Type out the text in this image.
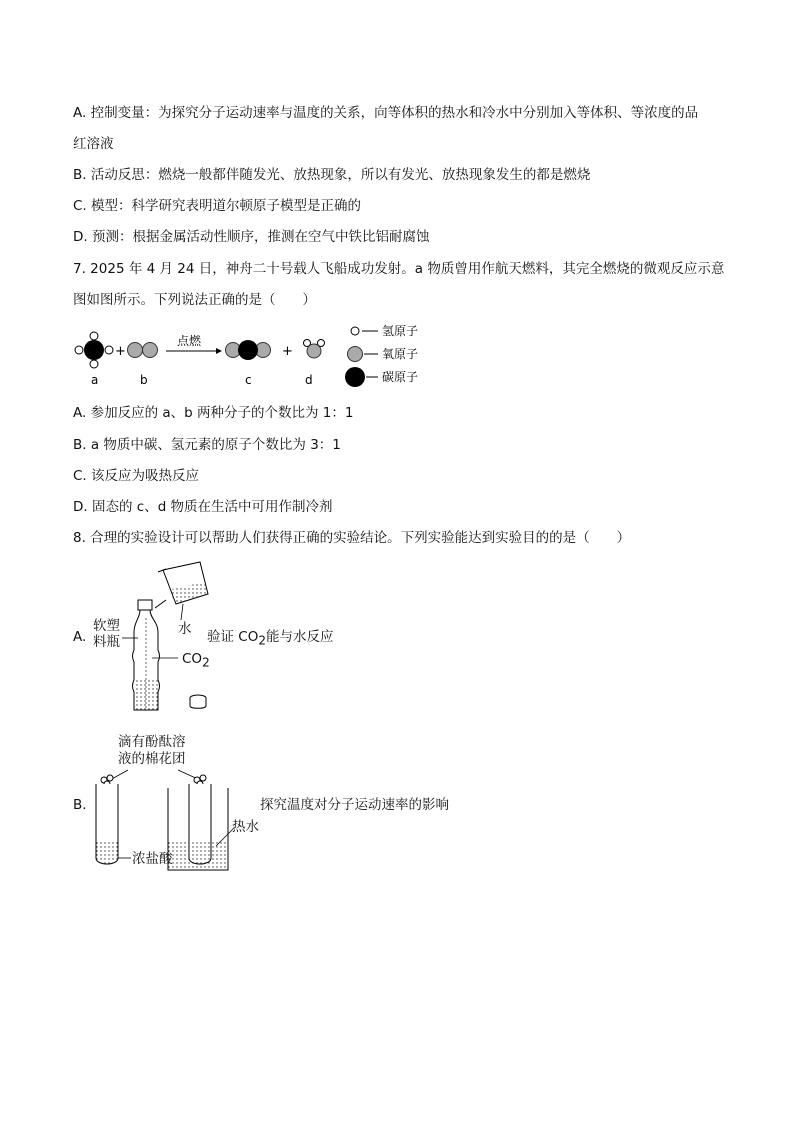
A. 控制变量：为探究分子运动速率与温度的关系，向等体积的热水和冷水中分别加入等体积、等浓度的品
红溶液
B. 活动反思：燃烧一般都伴随发光、放热现象，所以有发光、放热现象发生的都是燃烧
C. 模型：科学研究表明道尔顿原子模型是正确的
D. 预测：根据金属活动性顺序，推测在空气中铁比铝耐腐蚀
7. 2025 年 4 月 24 日，神舟二十号载人飞船成功发射。a 物质曾用作航天燃料，其完全燃烧的微观反应示意
图如图所示。下列说法正确的是（　　）
+
点燃
+
a	b	c	d
氢原子
氧原子
碳原子
A. 参加反应的 a、b 两种分子的个数比为 1：1
B. a 物质中碳、氢元素的原子个数比为 3：1
C. 该反应为吸热反应
D. 固态的 c、d 物质在生活中可用作制冷剂
8. 合理的实验设计可以帮助人们获得正确的实验结论。下列实验能达到实验目的的是（　　）
A.
软塑
料瓶
水
$CO_2$
验证 $CO_2$能与水反应
滴有酚酞溶
液的棉花团
B.
热水
浓盐酸
探究温度对分子运动速率的影响
